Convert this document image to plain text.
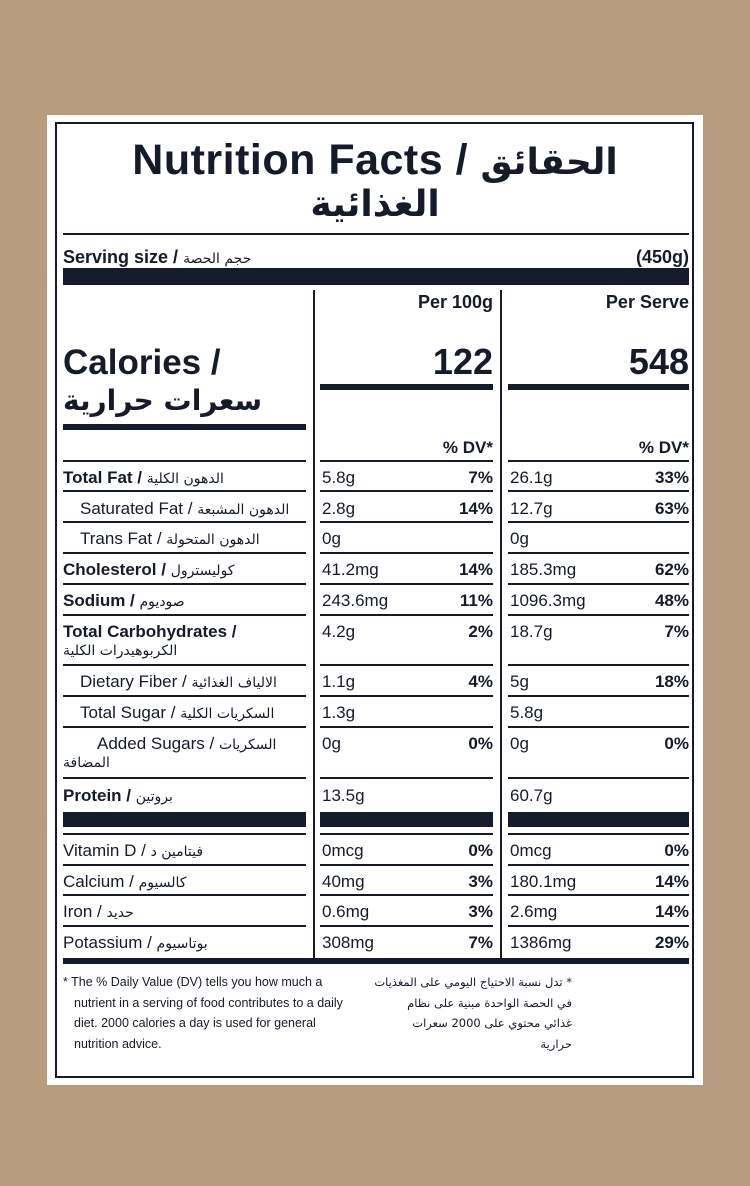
Nutrition Facts / الحقائق
الغذائية
Serving size / حجم الحصة	(450g)
Per 100g	Per Serve
Calories /
سعرات حرارية
122	548
% DV*	% DV*
Total Fat / الدهون الكلية	5.8g	7% 26.1g	33%
Saturated Fat / الدهون المشبعة 2.8g	14% 12.7g	63%
Trans Fat / الدهون المتحولة	0g	0g
Cholesterol / كوليسترول	41.2mg	14% 185.3mg	62%
Sodium / صوديوم	243.6mg	11% 1096.3mg	48%
Total Carbohydrates /
الكربوهيدرات الكلية
4.2g	2% 18.7g	7%
Dietary Fiber / الالياف الغذائية	1.1g	4% 5g	18%
Total Sugar / السكريات الكلية	1.3g	5.8g
Added Sugars / السكريات
المضافة
0g	0% 0g	0%
Protein / بروتين	13.5g	60.7g
Vitamin D / فيتامين د	0mcg	0% 0mcg	0%
Calcium / كالسيوم	40mg	3% 180.1mg	14%
Iron / حديد	0.6mg	3% 2.6mg	14%
Potassium / بوتاسيوم	308mg	7% 1386mg	29%
* The % Daily Value (DV) tells you how much a
nutrient in a serving of food contributes to a daily
diet. 2000 calories a day is used for general
nutrition advice.
* تدل نسبة الاحتياج اليومي على المغذيات
في الحصة الواحدة مبنية على نظام
غذائي محتوي على 2000 سعرات
حرارية
